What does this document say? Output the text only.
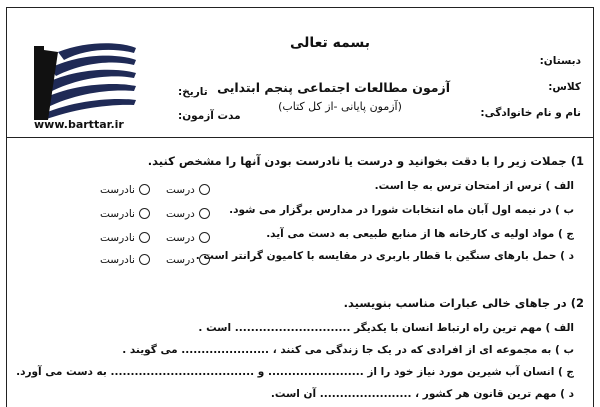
www.barttar.ir
بسمه تعالی
دبستان:
کلاس:
نام و نام خانوادگی:
تاریخ:
مدت آزمون:
آزمون مطالعات اجتماعی پنجم ابتدایی
(آزمون پایانی -از کل کتاب)
1) جملات زیر را با دقت بخوانید و درست یا نادرست بودن آنها را مشخص کنید.
الف ) ترس از امتحان ترس به جا است.
ب ) در نیمه اول آبان ماه انتخابات شورا در مدارس برگزار می شود.
ج ) مواد اولیه ی کارخانه ها از منابع طبیعی به دست می آید.
د ) حمل بارهای سنگین با قطار باربری در مقایسه با کامیون گرانتر است .
درست
نادرست
درست
نادرست
درست
نادرست
درست
نادرست
2) در جاهای خالی عبارات مناسب بنویسید.
الف ) مهم ترین راه ارتباط انسان با یکدیگر ............................. است .
ب ) به مجموعه ای از افرادی که در یک جا زندگی می کنند ، ...................... می گویند .
ج ) انسان آب شیرین مورد نیاز خود را از ........................ و .................................... به دست می آورد.
د ) مهم ترین قانون هر کشور ، ....................... آن است.
